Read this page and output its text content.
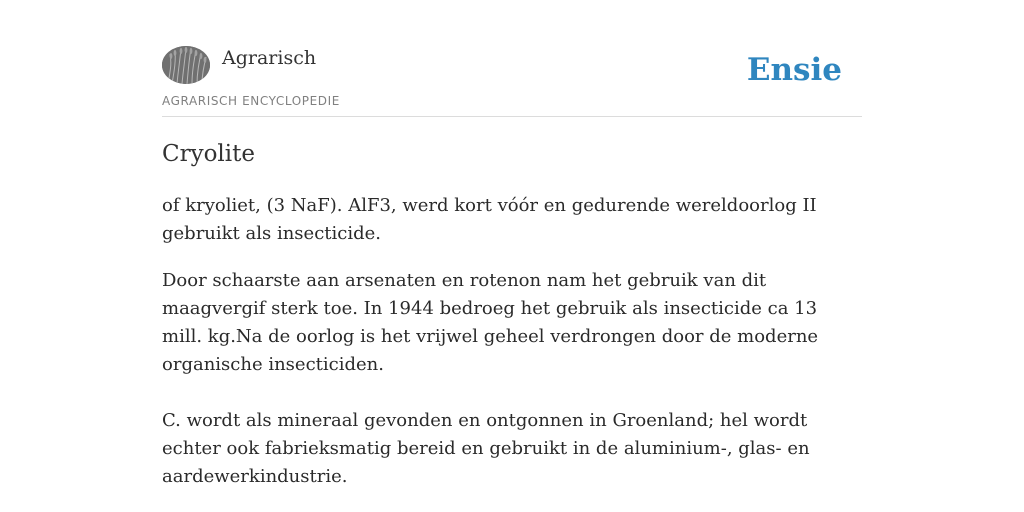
Agrarisch
AGRARISCH ENCYCLOPEDIE
Ensie
Cryolite

of kryoliet, (3 NaF). AlF3, werd kort vóór en gedurende wereldoorlog II gebruikt als insecticide.

Door schaarste aan arsenaten en rotenon nam het gebruik van dit maagvergif sterk toe. In 1944 bedroeg het gebruik als insecticide ca 13 mill. kg.Na de oorlog is het vrijwel geheel verdrongen door de moderne organische insecticiden.

C. wordt als mineraal gevonden en ontgonnen in Groenland; hel wordt echter ook fabrieksmatig bereid en gebruikt in de aluminium-, glas- en aardewerkindustrie.
